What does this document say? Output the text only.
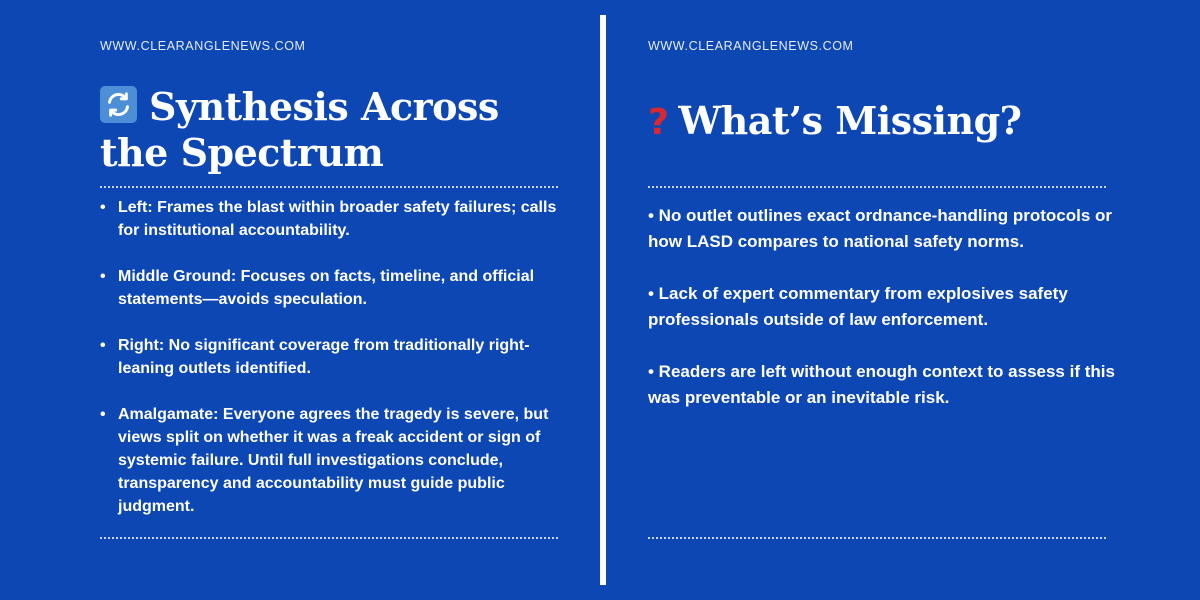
WWW.CLEARANGLENEWS.COM
Synthesis Across the Spectrum
• Left: Frames the blast within broader safety failures; calls for institutional accountability.
• Middle Ground: Focuses on facts, timeline, and official statements—avoids speculation.
• Right: No significant coverage from traditionally right-leaning outlets identified.
• Amalgamate: Everyone agrees the tragedy is severe, but views split on whether it was a freak accident or sign of systemic failure. Until full investigations conclude, transparency and accountability must guide public judgment.
WWW.CLEARANGLENEWS.COM
? What’s Missing?
• No outlet outlines exact ordnance-handling protocols or how LASD compares to national safety norms.
• Lack of expert commentary from explosives safety professionals outside of law enforcement.
• Readers are left without enough context to assess if this was preventable or an inevitable risk.
